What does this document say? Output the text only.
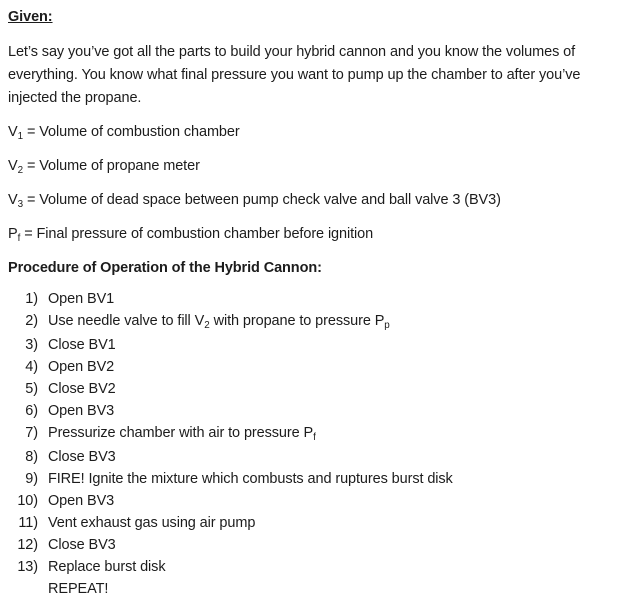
Given:
Let’s say you’ve got all the parts to build your hybrid cannon and you know the volumes of
everything. You know what final pressure you want to pump up the chamber to after you’ve
injected the propane.
V1 = Volume of combustion chamber
V2 = Volume of propane meter
V3 = Volume of dead space between pump check valve and ball valve 3 (BV3)
Pf = Final pressure of combustion chamber before ignition
Procedure of Operation of the Hybrid Cannon:
1) Open BV1
2) Use needle valve to fill V2 with propane to pressure Pp
3) Close BV1
4) Open BV2
5) Close BV2
6) Open BV3
7) Pressurize chamber with air to pressure Pf
8) Close BV3
9) FIRE! Ignite the mixture which combusts and ruptures burst disk
10) Open BV3
11) Vent exhaust gas using air pump
12) Close BV3
13) Replace burst disk
REPEAT!
